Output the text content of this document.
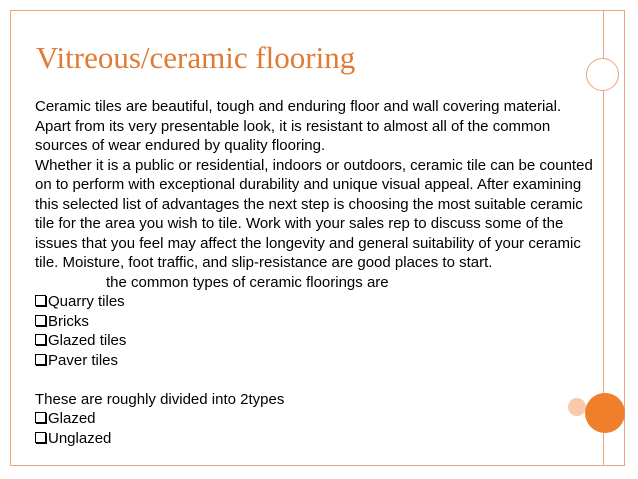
Vitreous/ceramic flooring

Ceramic tiles are beautiful, tough and enduring floor and wall covering material. Apart from its very presentable look, it is resistant to almost all of the common sources of wear endured by quality flooring.

Whether it is a public or residential, indoors or outdoors, ceramic tile can be counted on to perform with exceptional durability and unique visual appeal. After examining this selected list of advantages the next step is choosing the most suitable ceramic tile for the area you wish to tile. Work with your sales rep to discuss some of the issues that you feel may affect the longevity and general suitability of your ceramic tile. Moisture, foot traffic, and slip-resistance are good places to start.

the common types of ceramic floorings are

Quarry tiles
Bricks
Glazed tiles
Paver tiles

These are roughly divided into 2types

Glazed
Unglazed
